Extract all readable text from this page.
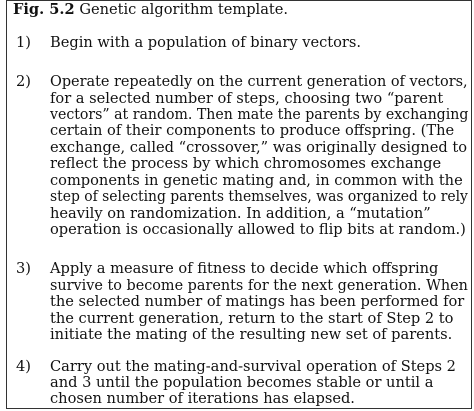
Fig. 5.2 Genetic algorithm template.

1) Begin with a population of binary vectors.

2) Operate repeatedly on the current generation of vectors,

for a selected number of steps, choosing two “parent

vectors” at random. Then mate the parents by exchanging

certain of their components to produce offspring. (The

exchange, called “crossover,” was originally designed to

reflect the process by which chromosomes exchange

components in genetic mating and, in common with the

step of selecting parents themselves, was organized to rely

heavily on randomization. In addition, a “mutation”

operation is occasionally allowed to flip bits at random.)

3) Apply a measure of fitness to decide which offspring

survive to become parents for the next generation. When

the selected number of matings has been performed for

the current generation, return to the start of Step 2 to

initiate the mating of the resulting new set of parents.

4) Carry out the mating-and-survival operation of Steps 2

and 3 until the population becomes stable or until a

chosen number of iterations has elapsed.
